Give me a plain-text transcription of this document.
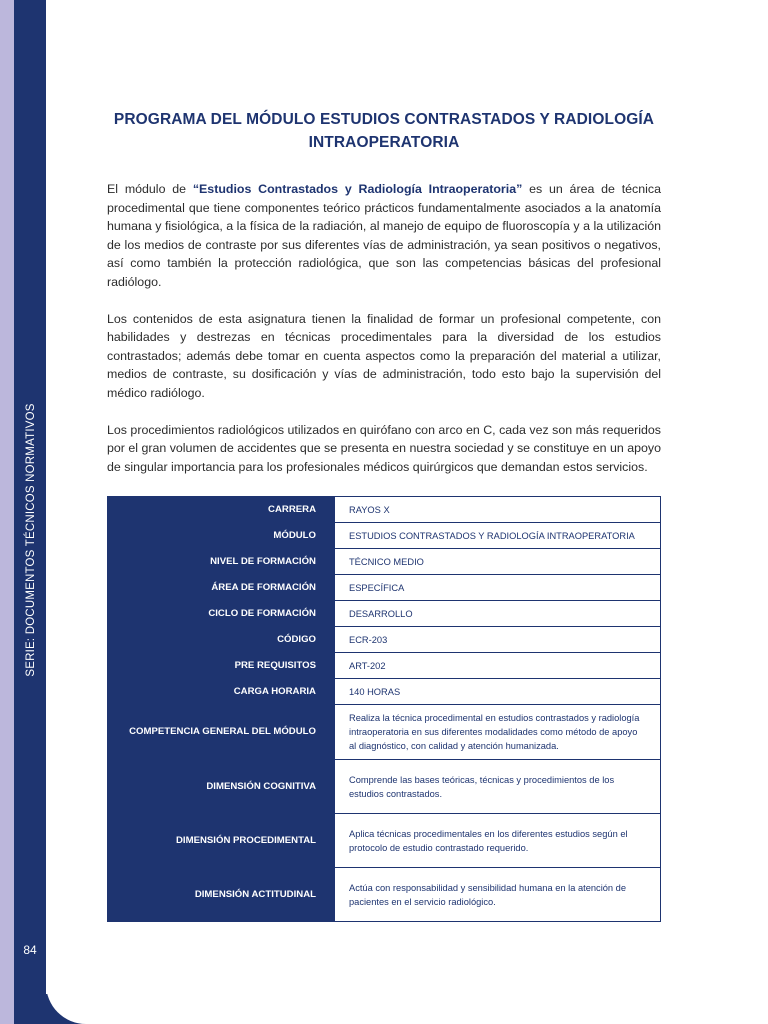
SERIE: DOCUMENTOS TÉCNICOS NORMATIVOS
84
PROGRAMA DEL MÓDULO ESTUDIOS CONTRASTADOS Y RADIOLOGÍA INTRAOPERATORIA

El módulo de “Estudios Contrastados y Radiología Intraoperatoria” es un área de técnica procedimental que tiene componentes teórico prácticos fundamentalmente asociados a la anatomía humana y fisiológica, a la física de la radiación, al manejo de equipo de fluoroscopía y a la utilización de los medios de contraste por sus diferentes vías de administración, ya sean positivos o negativos, así como también la protección radiológica, que son las competencias básicas del profesional radiólogo.

Los contenidos de esta asignatura tienen la finalidad de formar un profesional competente, con habilidades y destrezas en técnicas procedimentales para la diversidad de los estudios contrastados; además debe tomar en cuenta aspectos como la preparación del material a utilizar, medios de contraste, su dosificación y vías de administración, todo esto bajo la supervisión del médico radiólogo.

Los procedimientos radiológicos utilizados en quirófano con arco en C, cada vez son más requeridos por el gran volumen de accidentes que se presenta en nuestra sociedad y se constituye en un apoyo de singular importancia para los profesionales médicos quirúrgicos que demandan estos servicios.

CARRERA	RAYOS X
MÓDULO	ESTUDIOS CONTRASTADOS Y RADIOLOGÍA INTRAOPERATORIA
NIVEL DE FORMACIÓN	TÉCNICO MEDIO
ÁREA DE FORMACIÓN	ESPECÍFICA
CICLO DE FORMACIÓN	DESARROLLO
CÓDIGO	ECR-203
PRE REQUISITOS	ART-202
CARGA HORARIA	140 HORAS
COMPETENCIA GENERAL DEL MÓDULO	Realiza la técnica procedimental en estudios contrastados y radiología intraoperatoria en sus diferentes modalidades como método de apoyo al diagnóstico, con calidad y atención humanizada.
DIMENSIÓN COGNITIVA	Comprende las bases teóricas, técnicas y procedimientos de los estudios contrastados.
DIMENSIÓN PROCEDIMENTAL	Aplica técnicas procedimentales en los diferentes estudios según el protocolo de estudio contrastado requerido.
DIMENSIÓN ACTITUDINAL	Actúa con responsabilidad y sensibilidad humana en la atención de pacientes en el servicio radiológico.
